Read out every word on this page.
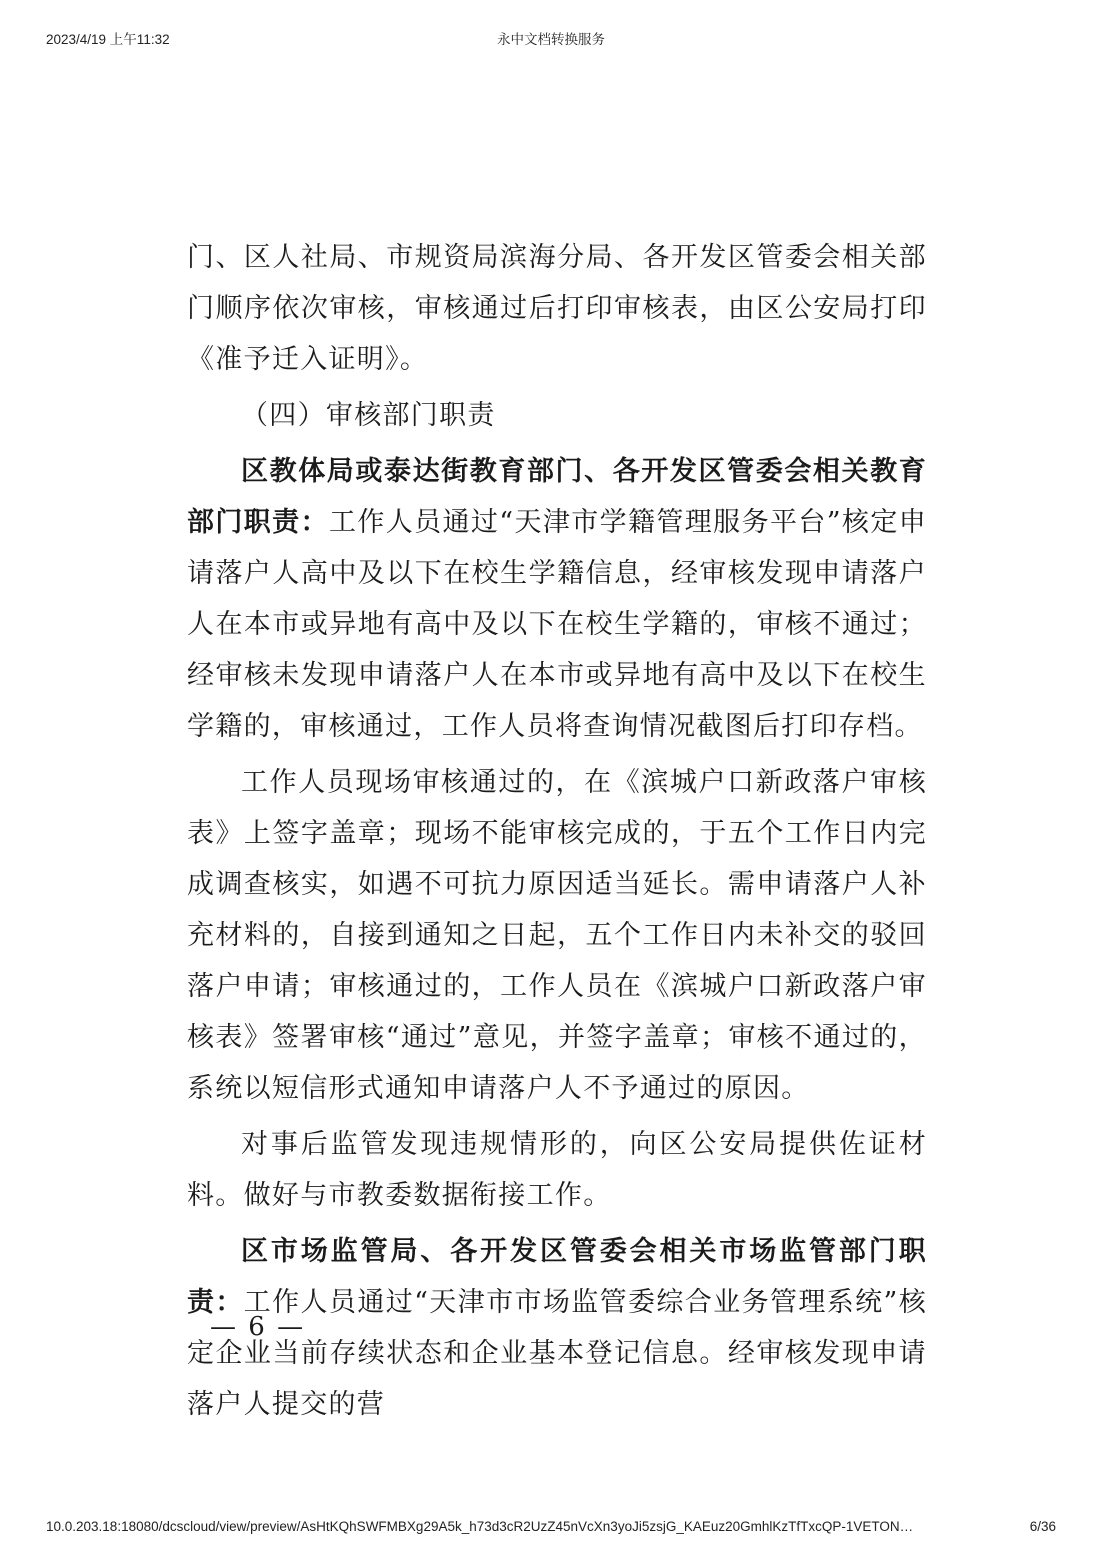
2023/4/19 上午11:32	永中文档转换服务

门、区人社局、市规资局滨海分局、各开发区管委会相关部门顺序依次审核，审核通过后打印审核表，由区公安局打印《准予迁入证明》。

（四）审核部门职责

区教体局或泰达街教育部门、各开发区管委会相关教育部门职责：工作人员通过“天津市学籍管理服务平台”核定申请落户人高中及以下在校生学籍信息，经审核发现申请落户人在本市或异地有高中及以下在校生学籍的，审核不通过；经审核未发现申请落户人在本市或异地有高中及以下在校生学籍的，审核通过，工作人员将查询情况截图后打印存档。

工作人员现场审核通过的，在《滨城户口新政落户审核表》上签字盖章；现场不能审核完成的，于五个工作日内完成调查核实，如遇不可抗力原因适当延长。需申请落户人补充材料的，自接到通知之日起，五个工作日内未补交的驳回落户申请；审核通过的，工作人员在《滨城户口新政落户审核表》签署审核“通过”意见，并签字盖章；审核不通过的，系统以短信形式通知申请落户人不予通过的原因。

对事后监管发现违规情形的，向区公安局提供佐证材料。做好与市教委数据衔接工作。

区市场监管局、各开发区管委会相关市场监管部门职责：工作人员通过“天津市市场监管委综合业务管理系统”核定企业当前存续状态和企业基本登记信息。经审核发现申请落户人提交的营

— 6 —
10.0.203.18:18080/dcscloud/view/preview/AsHtKQhSWFMBXg29A5k_h73d3cR2UzZ45nVcXn3yoJi5zsjG_KAEuz20GmhlKzTfTxcQP-1VETON…	6/36
